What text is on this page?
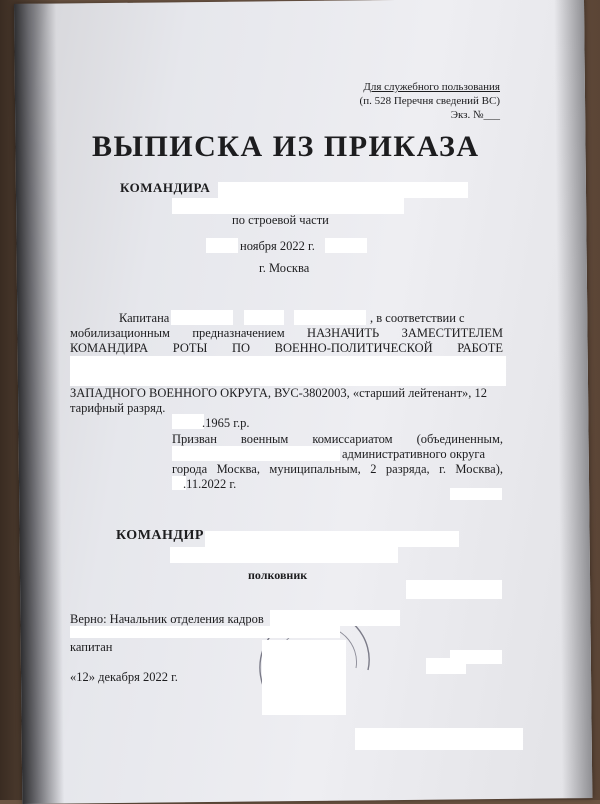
Для служебного пользования
(п. 528 Перечня сведений ВС)
Экз. №___
ВЫПИСКА ИЗ ПРИКАЗА
КОМАНДИРА
по строевой части
ноября 2022 г.
г. Москва
Капитана	, в соответствии с
мобилизационным предназначением НАЗНАЧИТЬ ЗАМЕСТИТЕЛЕМ
КОМАНДИРА РОТЫ ПО ВОЕННО-ПОЛИТИЧЕСКОЙ РАБОТЕ
ЗАПАДНОГО ВОЕННОГО ОКРУГА, ВУС-3802003, «старший лейтенант», 12
тарифный разряд.
.1965 г.р.
Призван военным комиссариатом (объединенным,
административного округа
города Москва, муниципальным, 2 разряда, г. Москва),
.11.2022 г.
КОМАНДИР
полковник
Верно: Начальник отделения кадров
капитан
«12» декабря 2022 г.
